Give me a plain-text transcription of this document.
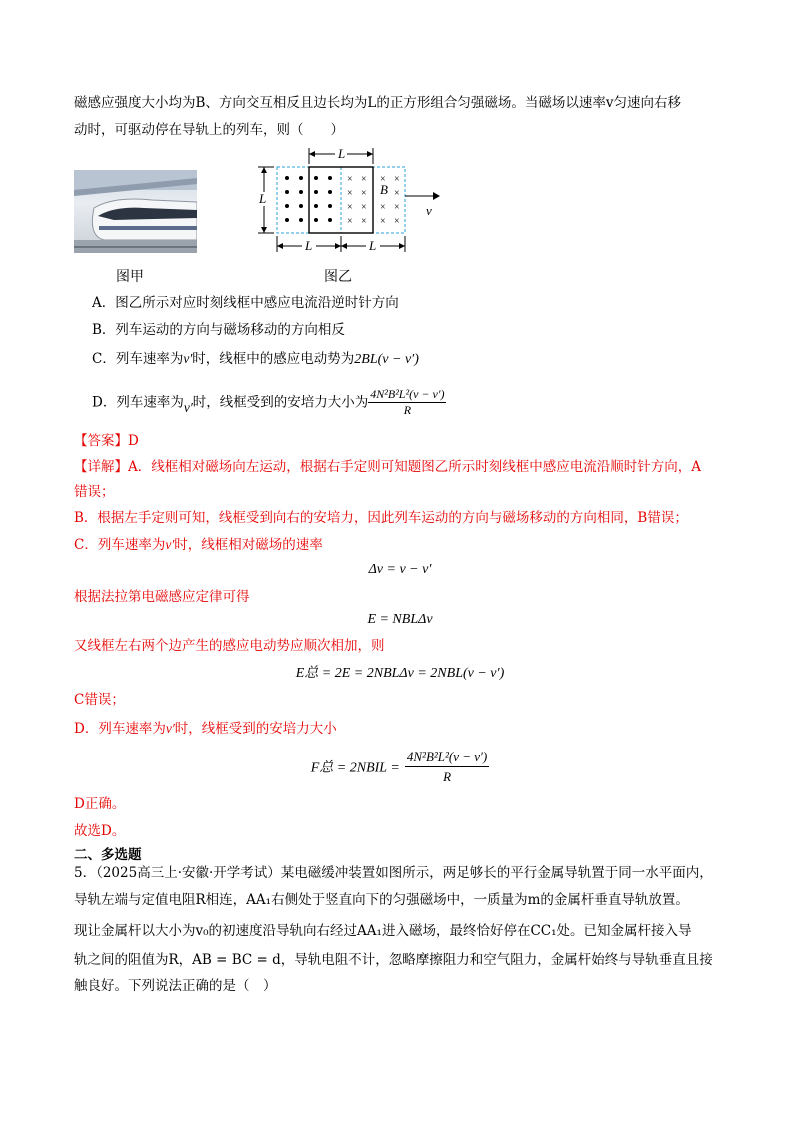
磁感应强度大小均为B、方向交互相反且边长均为L的正方形组合匀强磁场。当磁场以速率v匀速向右移
动时，可驱动停在导轨上的列车，则（　　）
图甲
× × × ×
× ×	×
× × × ×
× × × ×
B
v
L
L
L	L
图乙
A．图乙所示对应时刻线框中感应电流沿逆时针方向
B．列车运动的方向与磁场移动的方向相反
C．列车速率为v′时，线框中的感应电动势为2BL(v − v′)
D．列车速率为v′时，线框受到的安培力大小为 $\frac{\text{4N²B²L²(v − v′)}}{R}$
【答案】D
【详解】A．线框相对磁场向左运动，根据右手定则可知题图乙所示时刻线框中感应电流沿顺时针方向，A
错误；
B．根据左手定则可知，线框受到向右的安培力，因此列车运动的方向与磁场移动的方向相同，B错误；
C．列车速率为v′时，线框相对磁场的速率
Δv = v − v′
根据法拉第电磁感应定律可得
E = NBLΔv
又线框左右两个边产生的感应电动势应顺次相加，则
E总 = 2E = 2NBLΔv = 2NBL(v − v′)
C错误；
D．列车速率为v′时，线框受到的安培力大小
F总 = 2NBIL = $\frac{\text{4N²B²L²(v − v′)}}{R}$
D正确。
故选D。
二、多选题
5．（2025高三上·安徽·开学考试）某电磁缓冲装置如图所示，两足够长的平行金属导轨置于同一水平面内，
导轨左端与定值电阻R相连，AA₁右侧处于竖直向下的匀强磁场中，一质量为m的金属杆垂直导轨放置。
现让金属杆以大小为v₀的初速度沿导轨向右经过AA₁进入磁场，最终恰好停在CC₁处。已知金属杆接入导
轨之间的阻值为R，AB = BC = d，导轨电阻不计，忽略摩擦阻力和空气阻力，金属杆始终与导轨垂直且接
触良好。下列说法正确的是（　）
